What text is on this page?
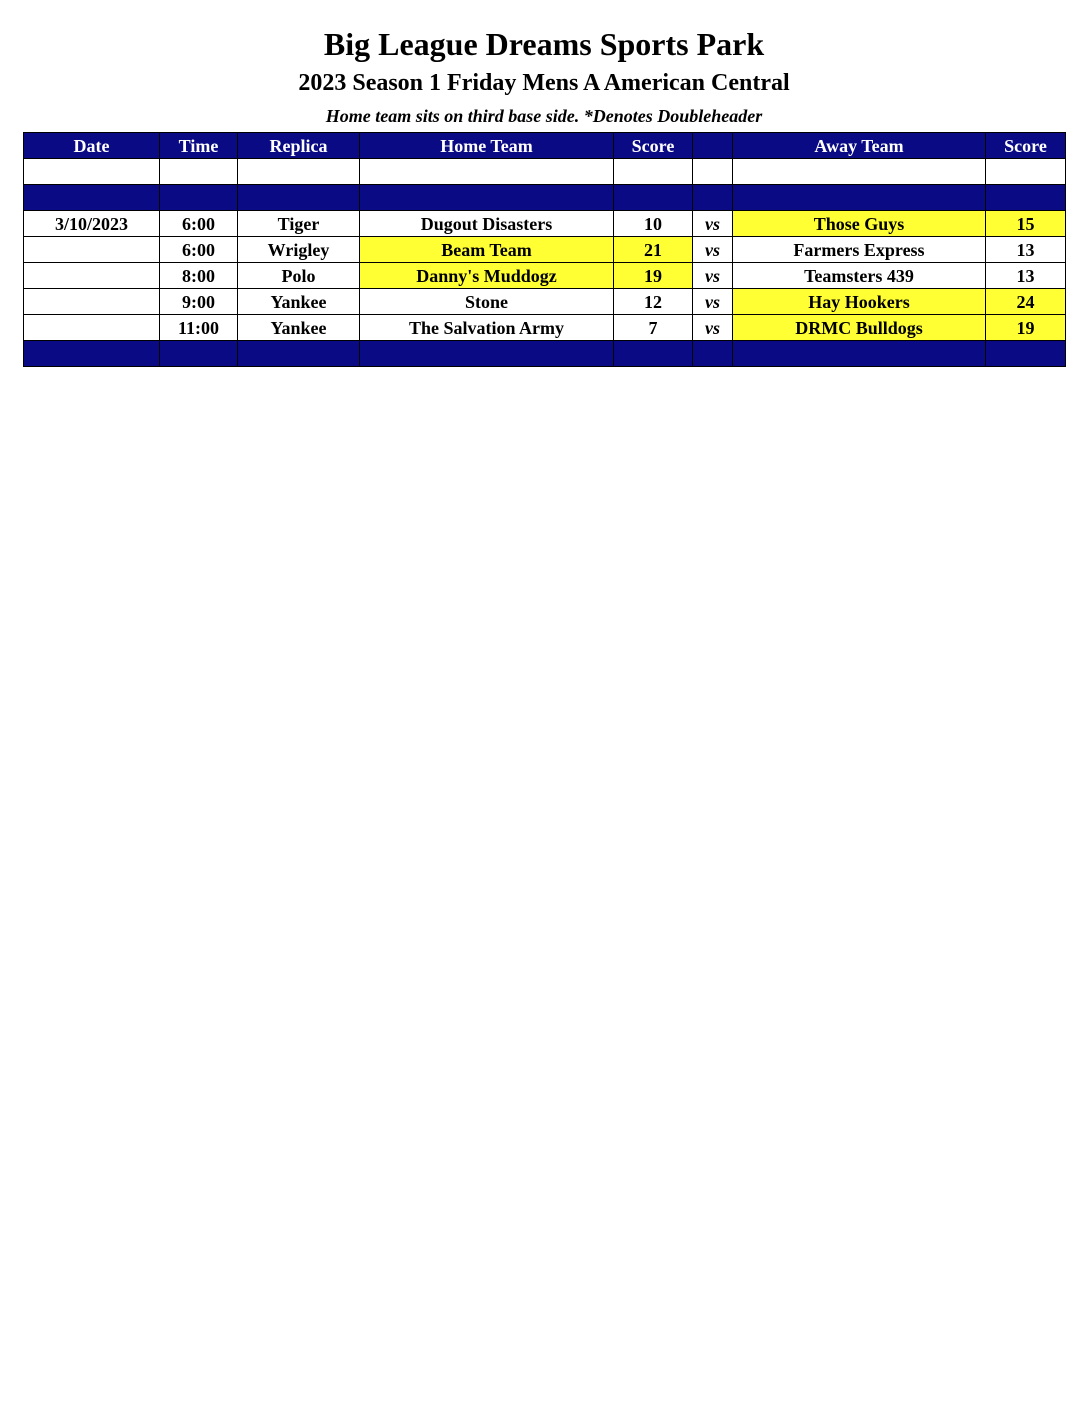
Big League Dreams Sports Park
2023 Season 1 Friday Mens A American Central
Home team sits on third base side. *Denotes Doubleheader
Date	Time	Replica	Home Team	Score		Away Team	Score

3/10/2023	6:00	Tiger	Dugout Disasters	10	vs	Those Guys	15
	6:00	Wrigley	Beam Team	21	vs	Farmers Express	13
	8:00	Polo	Danny's Muddogz	19	vs	Teamsters 439	13
	9:00	Yankee	Stone	12	vs	Hay Hookers	24
	11:00	Yankee	The Salvation Army	7	vs	DRMC Bulldogs	19
